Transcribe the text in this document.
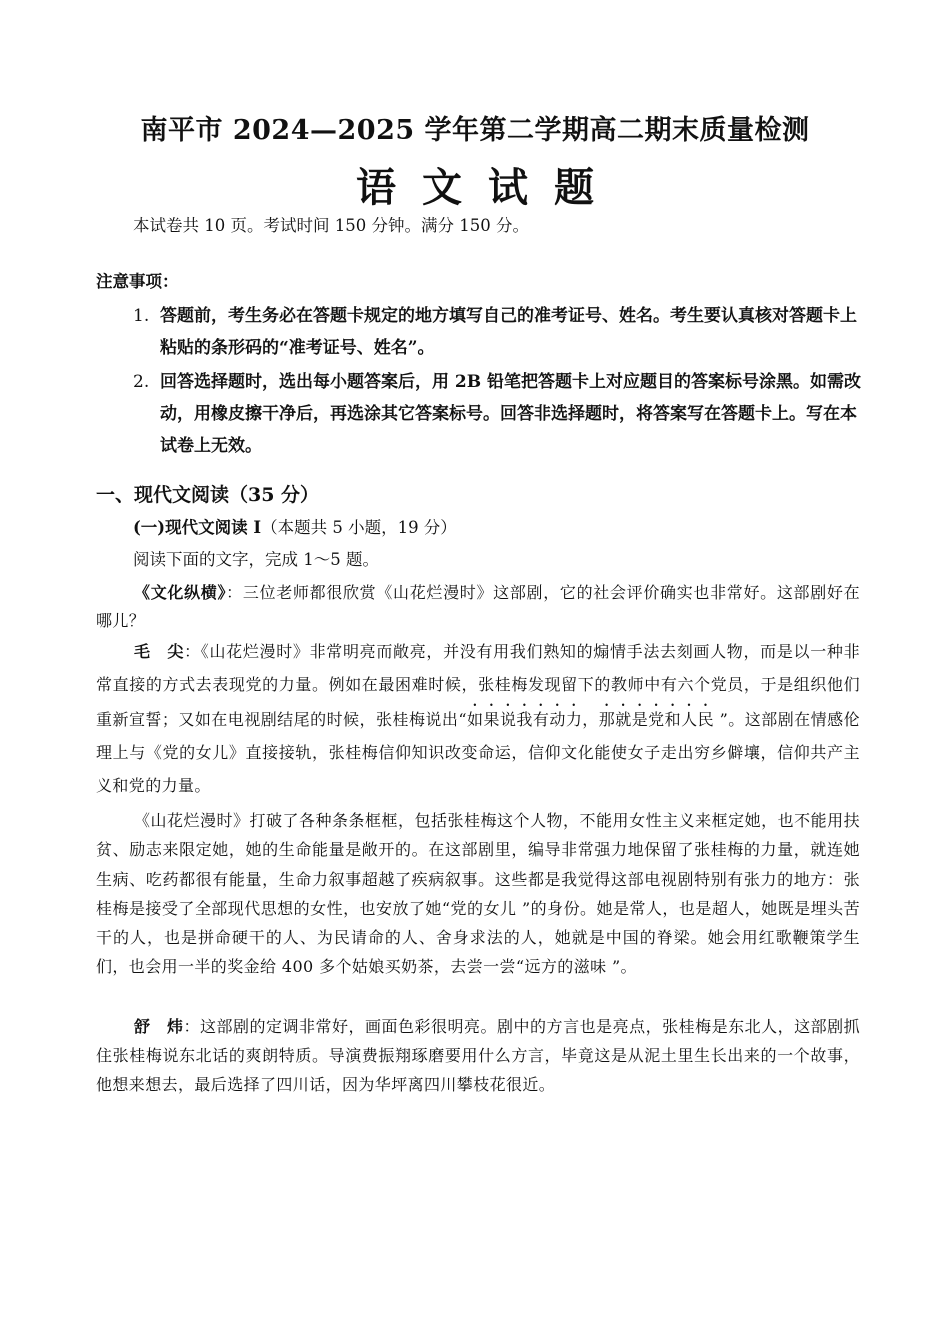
南平市 2024—2025 学年第二学期高二期末质量检测
语文试题
本试卷共 10 页。考试时间 150 分钟。满分 150 分。
注意事项：
1. 答题前，考生务必在答题卡规定的地方填写自己的准考证号、姓名。考生要认真核对答题卡上粘贴的条形码的“准考证号、姓名”。
2. 回答选择题时，选出每小题答案后，用 2B 铅笔把答题卡上对应题目的答案标号涂黑。如需改动，用橡皮擦干净后，再选涂其它答案标号。回答非选择题时，将答案写在答题卡上。写在本试卷上无效。
一、现代文阅读（35 分）
(一)现代文阅读 Ⅰ（本题共 5 小题，19 分）
阅读下面的文字，完成 1～5 题。
《文化纵横》：三位老师都很欣赏《山花烂漫时》这部剧，它的社会评价确实也非常好。这部剧好在哪儿？
毛　尖：《山花烂漫时》非常明亮而敞亮，并没有用我们熟知的煽情手法去刻画人物，而是以一种非常直接的方式去表现党的力量。例如在最困难时候，张桂梅发现留下的教师中有六个党员，于是组织他们重新宣誓；又如在电视剧结尾的时候，张桂梅说出“如果说我有动力，那就是党和人民 ”。这部剧在情感伦理上与《党的女儿》直接接轨，张桂梅信仰知识改变命运，信仰文化能使女子走出穷乡僻壤，信仰共产主义和党的力量。
《山花烂漫时》打破了各种条条框框，包括张桂梅这个人物，不能用女性主义来框定她，也不能用扶贫、励志来限定她，她的生命能量是敞开的。在这部剧里，编导非常强力地保留了张桂梅的力量，就连她生病、吃药都很有能量，生命力叙事超越了疾病叙事。这些都是我觉得这部电视剧特别有张力的地方：张桂梅是接受了全部现代思想的女性，也安放了她“党的女儿 ”的身份。她是常人，也是超人，她既是埋头苦干的人，也是拼命硬干的人、为民请命的人、舍身求法的人，她就是中国的脊梁。她会用红歌鞭策学生们，也会用一半的奖金给 400 多个姑娘买奶茶，去尝一尝“远方的滋味 ”。
舒　炜：这部剧的定调非常好，画面色彩很明亮。剧中的方言也是亮点，张桂梅是东北人，这部剧抓住张桂梅说东北话的爽朗特质。导演费振翔琢磨要用什么方言，毕竟这是从泥土里生长出来的一个故事，他想来想去，最后选择了四川话，因为华坪离四川攀枝花很近。
